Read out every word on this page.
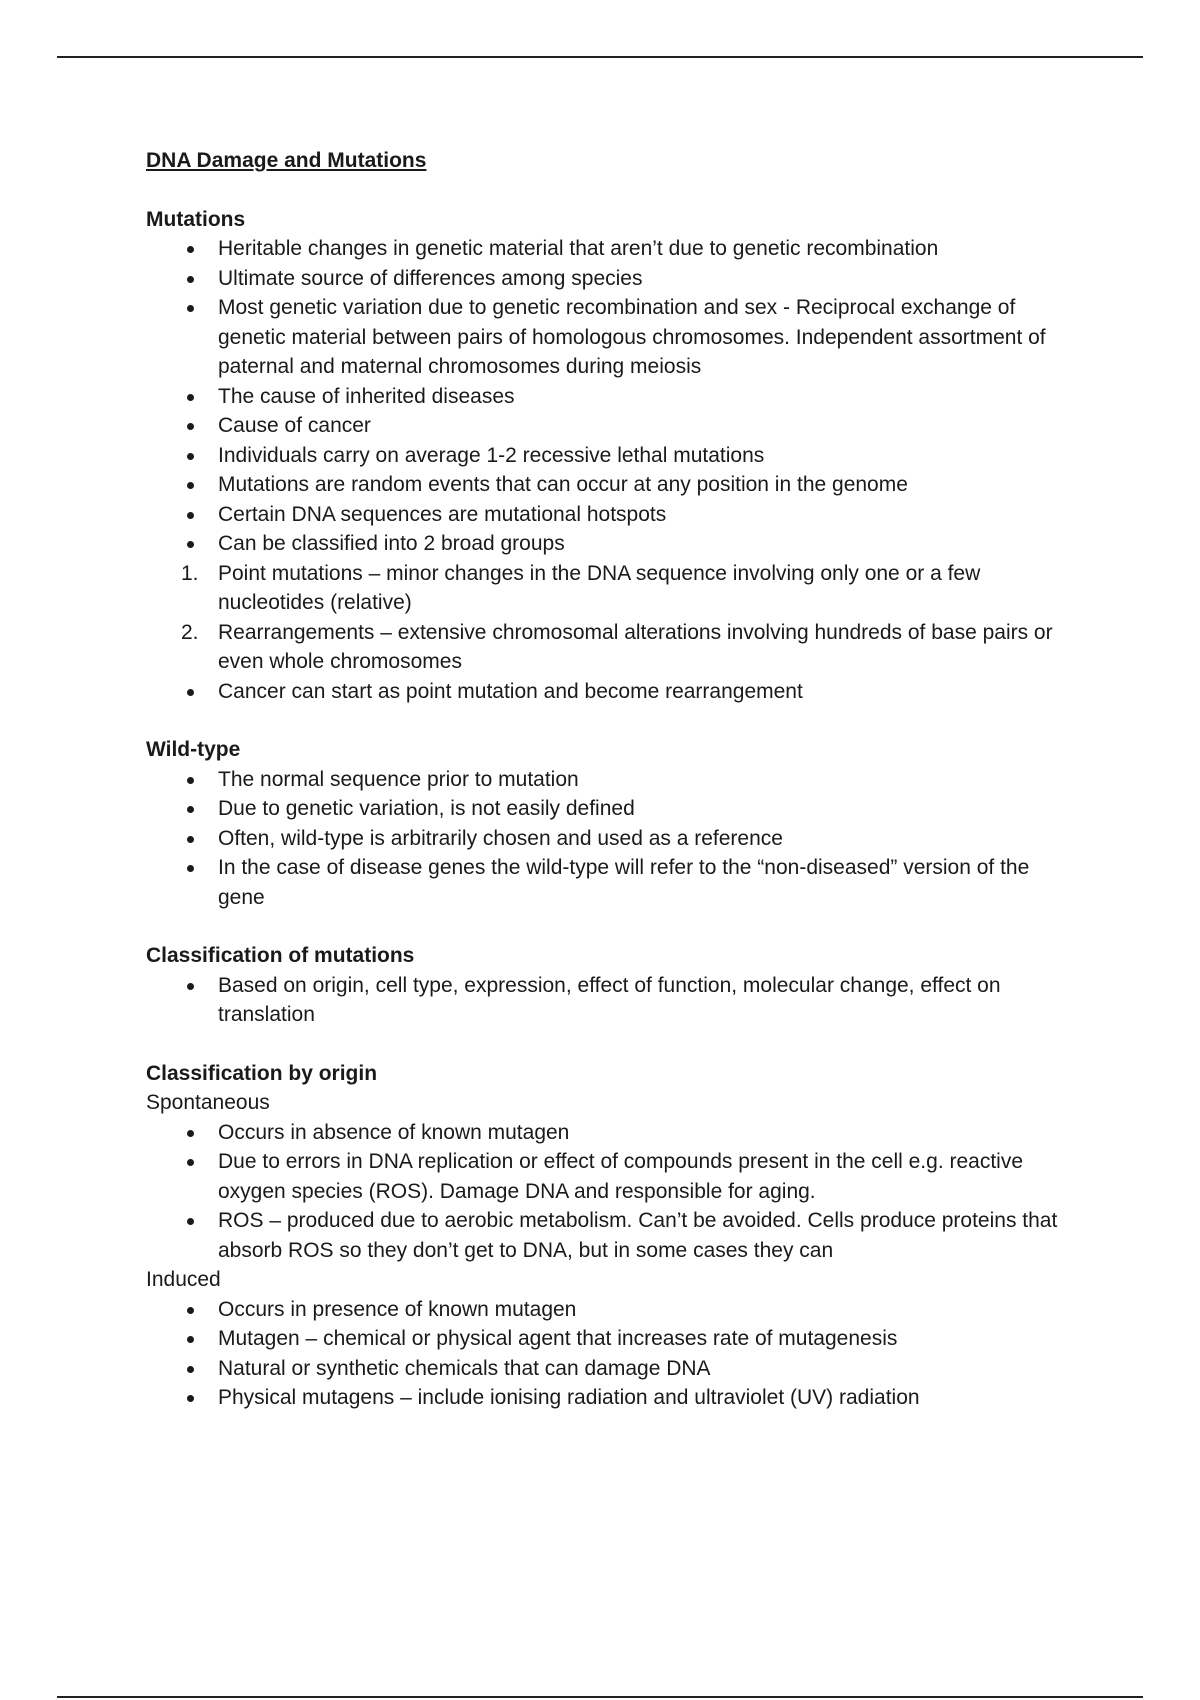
DNA Damage and Mutations
Mutations
Heritable changes in genetic material that aren’t due to genetic recombination
Ultimate source of differences among species
Most genetic variation due to genetic recombination and sex - Reciprocal exchange of genetic material between pairs of homologous chromosomes. Independent assortment of paternal and maternal chromosomes during meiosis
The cause of inherited diseases
Cause of cancer
Individuals carry on average 1-2 recessive lethal mutations
Mutations are random events that can occur at any position in the genome
Certain DNA sequences are mutational hotspots
Can be classified into 2 broad groups
1. Point mutations – minor changes in the DNA sequence involving only one or a few nucleotides (relative)
2. Rearrangements – extensive chromosomal alterations involving hundreds of base pairs or even whole chromosomes
Cancer can start as point mutation and become rearrangement
Wild-type
The normal sequence prior to mutation
Due to genetic variation, is not easily defined
Often, wild-type is arbitrarily chosen and used as a reference
In the case of disease genes the wild-type will refer to the “non-diseased” version of the gene
Classification of mutations
Based on origin, cell type, expression, effect of function, molecular change, effect on translation
Classification by origin
Spontaneous
Occurs in absence of known mutagen
Due to errors in DNA replication or effect of compounds present in the cell e.g. reactive oxygen species (ROS). Damage DNA and responsible for aging.
ROS – produced due to aerobic metabolism. Can’t be avoided. Cells produce proteins that absorb ROS so they don’t get to DNA, but in some cases they can
Induced
Occurs in presence of known mutagen
Mutagen – chemical or physical agent that increases rate of mutagenesis
Natural or synthetic chemicals that can damage DNA
Physical mutagens – include ionising radiation and ultraviolet (UV) radiation
